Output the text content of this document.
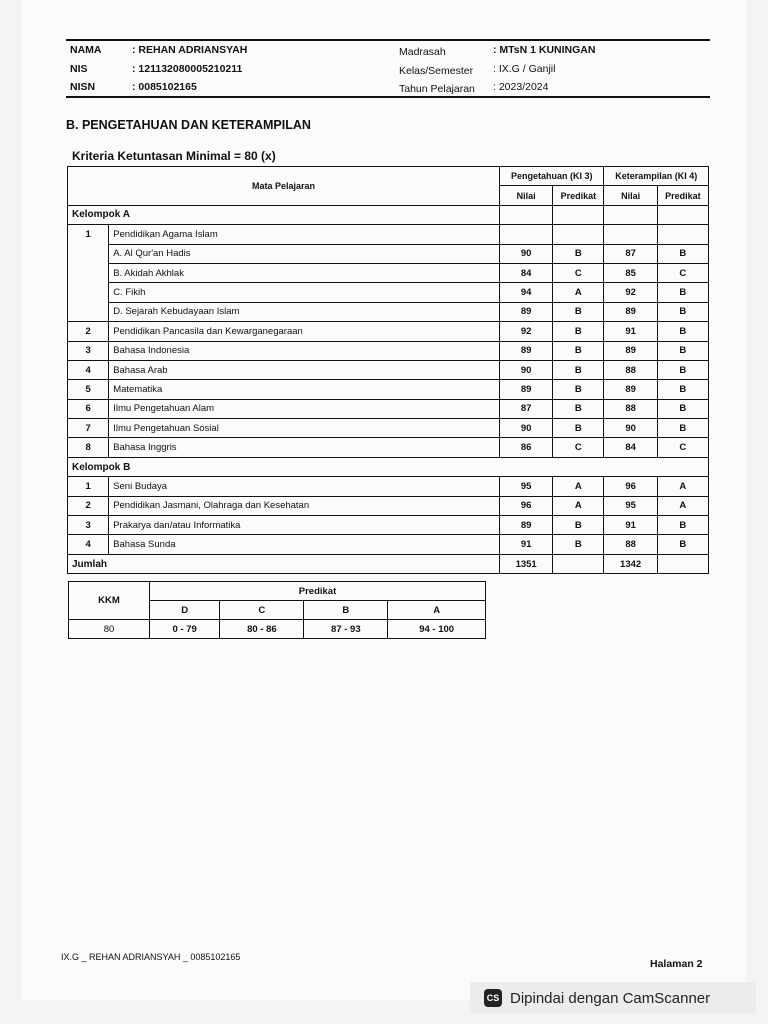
NAMA	: REHAN ADRIANSYAH
NIS	: 121132080005210211
NISN	: 0085102165
Madrasah	: MTsN 1 KUNINGAN
Kelas/Semester : IX.G / Ganjil
Tahun Pelajaran : 2023/2024
B. PENGETAHUAN DAN KETERAMPILAN
Kriteria Ketuntasan Minimal = 80 (x)
Mata Pelajaran		Pengetahuan (KI 3)		Keterampilan (KI 4)	
		Nilai	Predikat	Nilai	Predikat
Kelompok A					
1	Pendidikan Agama Islam				
	A. Al Qur'an Hadis	90	B	87	B
	B. Akidah Akhlak	84	C	85	C
	C. Fikih	94	A	92	B
	D. Sejarah Kebudayaan Islam	89	B	89	B
2	Pendidikan Pancasila dan Kewarganegaraan	92	B	91	B
3	Bahasa Indonesia	89	B	89	B
4	Bahasa Arab	90	B	88	B
5	Matematika	89	B	89	B
6	Ilmu Pengetahuan Alam	87	B	88	B
7	Ilmu Pengetahuan Sosial	90	B	90	B
8	Bahasa Inggris	86	C	84	C
Kelompok B					
1	Seni Budaya	95	A	96	A
2	Pendidikan Jasmani, Olahraga dan Kesehatan	96	A	95	A
3	Prakarya dan/atau Informatika	89	B	91	B
4	Bahasa Sunda	91	B	88	B
Jumlah		1351		1342	
KKM	Predikat			
	D	C	B	A
80	0 - 79	80 - 86	87 - 93	94 - 100
IX.G _ REHAN ADRIANSYAH _ 0085102165
Halaman 2
CS Dipindai dengan CamScanner
